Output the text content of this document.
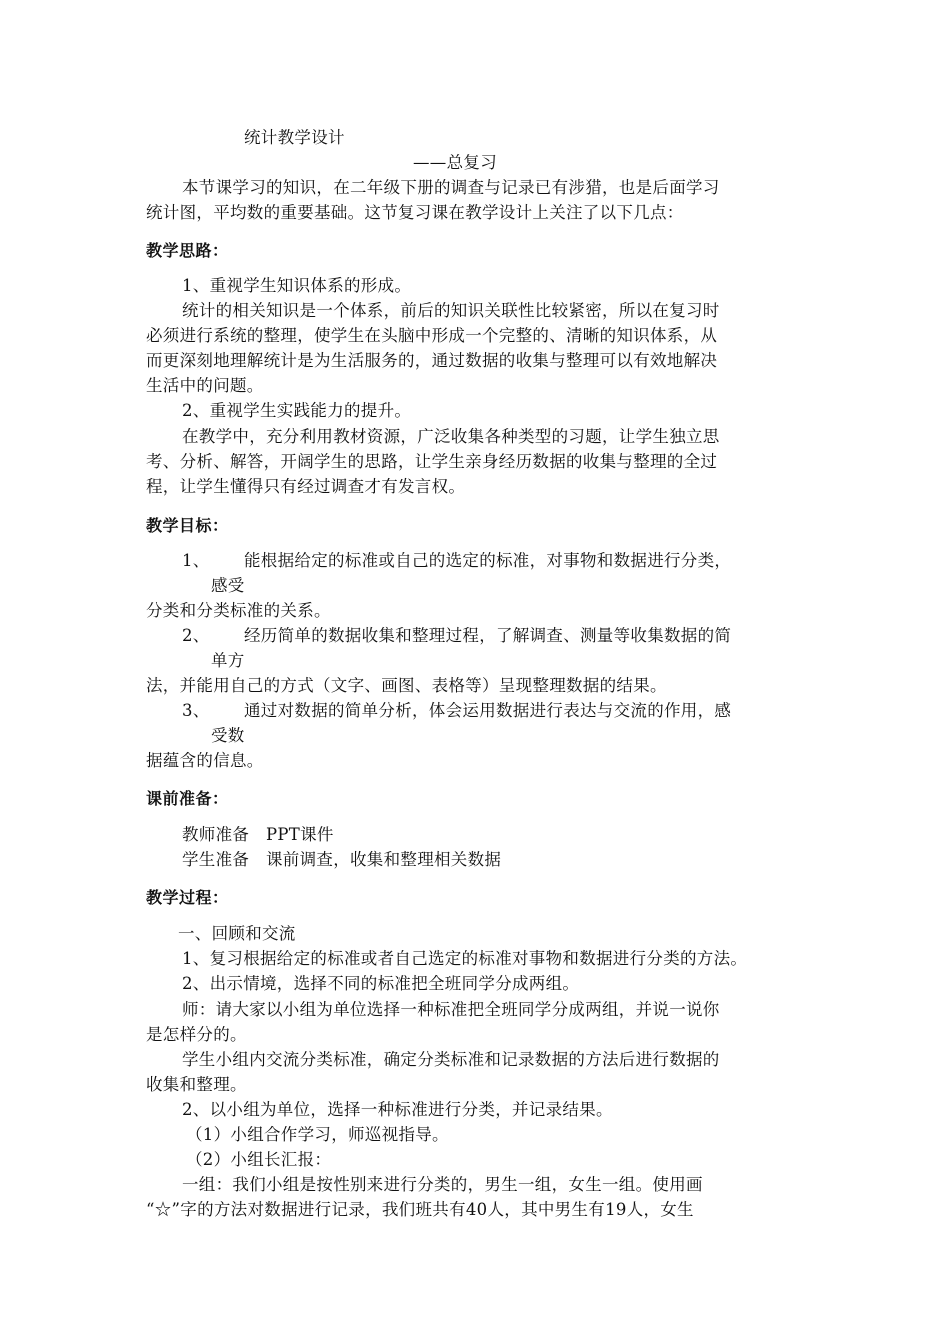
统计教学设计
——总复习
本节课学习的知识，在二年级下册的调查与记录已有涉猎，也是后面学习
统计图，平均数的重要基础。这节复习课在教学设计上关注了以下几点：
教学思路：
1、重视学生知识体系的形成。
统计的相关知识是一个体系，前后的知识关联性比较紧密，所以在复习时
必须进行系统的整理，使学生在头脑中形成一个完整的、清晰的知识体系，从
而更深刻地理解统计是为生活服务的，通过数据的收集与整理可以有效地解决
生活中的问题。
2、重视学生实践能力的提升。
在教学中，充分利用教材资源，广泛收集各种类型的习题，让学生独立思
考、分析、解答，开阔学生的思路，让学生亲身经历数据的收集与整理的全过
程，让学生懂得只有经过调查才有发言权。
教学目标：
1、 能根据给定的标准或自己的选定的标准，对事物和数据进行分类，
感受
分类和分类标准的关系。
2、 经历简单的数据收集和整理过程，了解调查、测量等收集数据的简
单方
法，并能用自己的方式（文字、画图、表格等）呈现整理数据的结果。
3、 通过对数据的简单分析，体会运用数据进行表达与交流的作用，感
受数
据蕴含的信息。
课前准备：
教师准备　PPT课件
学生准备　课前调查，收集和整理相关数据
教学过程：
一、回顾和交流
1、复习根据给定的标准或者自己选定的标准对事物和数据进行分类的方法。
2、出示情境，选择不同的标准把全班同学分成两组。
师：请大家以小组为单位选择一种标准把全班同学分成两组，并说一说你
是怎样分的。
学生小组内交流分类标准，确定分类标准和记录数据的方法后进行数据的
收集和整理。
2、以小组为单位，选择一种标准进行分类，并记录结果。
（1）小组合作学习，师巡视指导。
（2）小组长汇报：
一组：我们小组是按性别来进行分类的，男生一组，女生一组。使用画
“☆”字的方法对数据进行记录，我们班共有40人，其中男生有19人，女生
